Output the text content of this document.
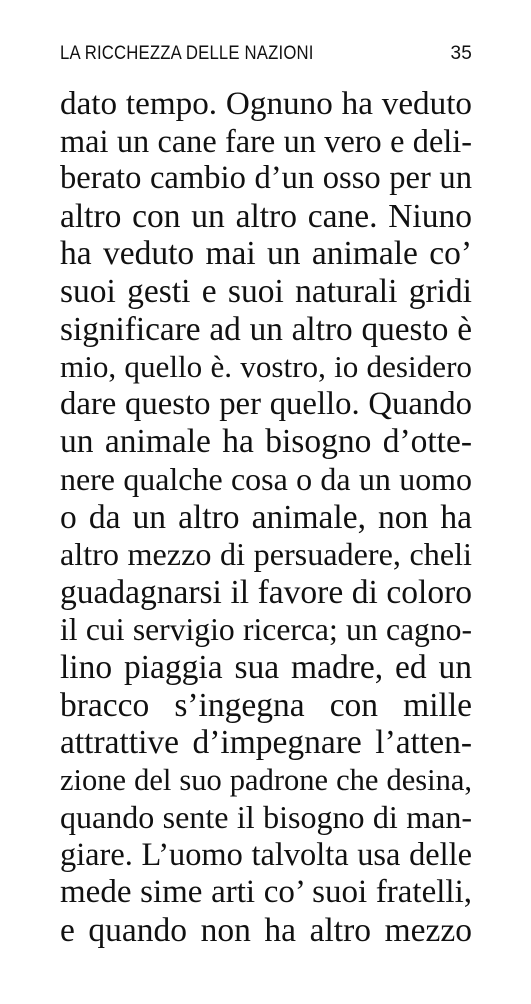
LA RICCHEZZA DELLE NAZIONI	35
dato tempo. Ognuno ha veduto
mai un cane fare un vero e deli-
berato cambio d’un osso per un
altro con un altro cane. Niuno
ha veduto mai un animale co’
suoi gesti e suoi naturali gridi
significare ad un altro questo è
mio, quello è. vostro, io desidero
dare questo per quello. Quando
un animale ha bisogno d’otte-
nere qualche cosa o da un uomo
o da un altro animale, non ha
altro mezzo di persuadere, cheli
guadagnarsi il favore di coloro
il cui servigio ricerca; un cagno-
lino piaggia sua madre, ed un
bracco s’ingegna con mille
attrattive d’impegnare l’atten-
zione del suo padrone che desina,
quando sente il bisogno di man-
giare. L’uomo talvolta usa delle
mede sime arti co’ suoi fratelli,
e quando non ha altro mezzo
